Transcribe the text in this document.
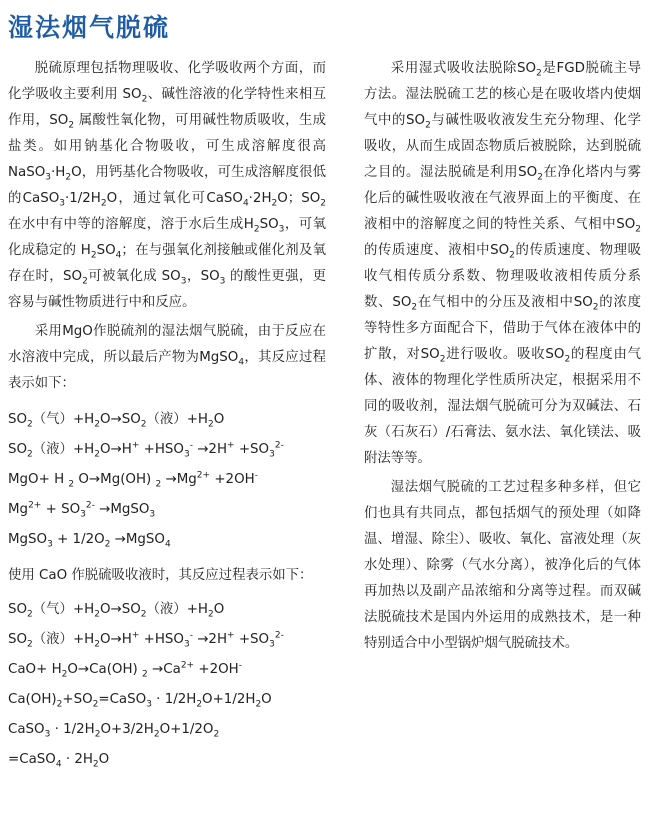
湿法烟气脱硫

脱硫原理包括物理吸收、化学吸收两个方面，而化学吸收主要利用 $SO_2$、碱性溶液的化学特性来相互作用，$SO_2$ 属酸性氧化物，可用碱性物质吸收，生成盐类。如用钠基化合物吸收，可生成溶解度很高$NaSO_3\cdot H_2O$，用钙基化合物吸收，可生成溶解度很低的$CaSO_3\cdot 1/2H_2O$，通过氧化可$CaSO_4\cdot 2H_2O$；$SO_2$在水中有中等的溶解度，溶于水后生成$H_2SO_3$，可氧化成稳定的 $H_2SO_4$；在与强氧化剂接触或催化剂及氧存在时，$SO_2$可被氧化成 $SO_3$，$SO_3$ 的酸性更强，更容易与碱性物质进行中和反应。

采用MgO作脱硫剂的湿法烟气脱硫，由于反应在水溶液中完成，所以最后产物为MgSO$_4$，其反应过程表示如下：

$SO_2$（气）$+H_2O\to SO_2$（液）$+H_2O$
$SO_2$（液）$+H_2O\to H^+ +HSO_3^- \to 2H^+ +SO_3^{2-}$
MgO+ H $_2$ O→Mg(OH) $_2 \to Mg^{2+} +2OH^-$
$Mg^{2+} + SO_3^{2-}$ →MgSO$_3$
MgSO$_3$ + $1/2O_2$ →MgSO$_4$
使用 CaO 作脱硫吸收液时，其反应过程表示如下：
$SO_2$（气）$+H_2O\to SO_2$（液）$+H_2O$
$SO_2$（液）$+H_2O\to H^+ +HSO_3^- \to 2H^+ +SO_3^{2-}$
$CaO+ H_2O\to Ca(OH)$ $_2 \to Ca^{2+} +2OH^-$
$Ca(OH)_2+SO_2=CaSO_3 \cdot 1/2H_2O+1/2H_2O$
CaSO$_3$ · $1/2H_2O+3/2H_2O+1/2O_2$
=CaSO$_4$ · $2H_2O$

采用湿式吸收法脱除$SO_2$是FGD脱硫主导方法。湿法脱硫工艺的核心是在吸收塔内使烟气中的$SO_2$与碱性吸收液发生充分物理、化学吸收，从而生成固态物质后被脱除，达到脱硫之目的。湿法脱硫是利用$SO_2$在净化塔内与雾化后的碱性吸收液在气液界面上的平衡度、在液相中的溶解度之间的特性关系、气相中$SO_2$的传质速度、液相中$SO_2$的传质速度、物理吸收气相传质分系数、物理吸收液相传质分系数、$SO_2$在气相中的分压及液相中$SO_2$的浓度等特性多方面配合下，借助于气体在液体中的扩散，对$SO_2$进行吸收。吸收$SO_2$的程度由气体、液体的物理化学性质所决定，根据采用不同的吸收剂，湿法烟气脱硫可分为双碱法、石灰（石灰石）/石膏法、氨水法、氧化镁法、吸附法等等。

湿法烟气脱硫的工艺过程多种多样，但它们也具有共同点，都包括烟气的预处理（如降温、增湿、除尘）、吸收、氧化、富液处理（灰水处理）、除雾（气水分离），被净化后的气体再加热以及副产品浓缩和分离等过程。而双碱法脱硫技术是国内外运用的成熟技术，是一种特别适合中小型锅炉烟气脱硫技术。
